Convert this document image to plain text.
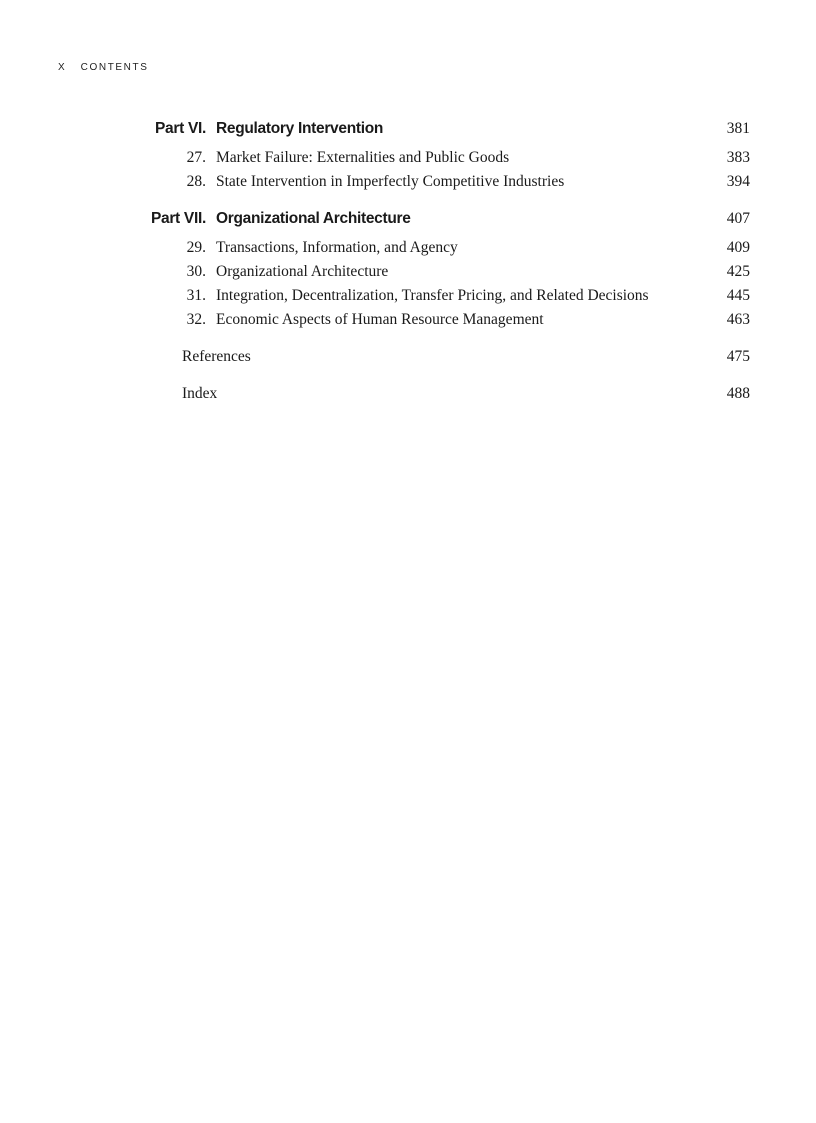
X CONTENTS
Part VI. Regulatory Intervention	381
27. Market Failure: Externalities and Public Goods	383
28. State Intervention in Imperfectly Competitive Industries	394
Part VII. Organizational Architecture	407
29. Transactions, Information, and Agency	409
30. Organizational Architecture	425
31. Integration, Decentralization, Transfer Pricing, and Related Decisions	445
32. Economic Aspects of Human Resource Management	463
References	475
Index	488
